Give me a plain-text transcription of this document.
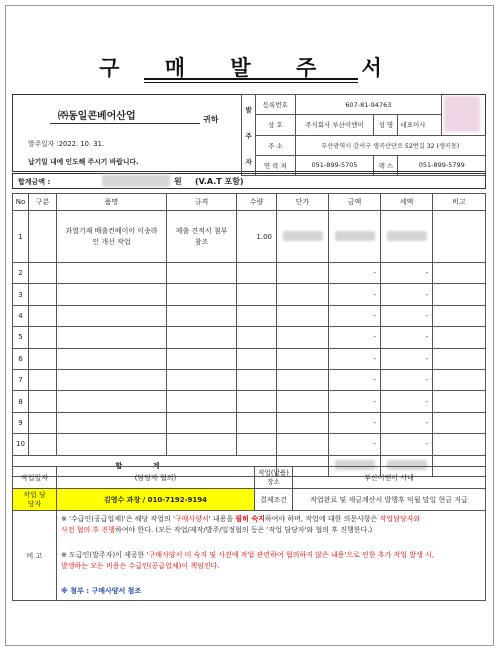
구 매 발 주 서
㈜동일콘베어산업	귀하
발주일자 :2022. 10. 31.
납기일 내에 인도해 주시기 바랍니다.
발
주
자	등록번호	607-81-94763			
	상 호	주식회사 부산이엔이	성 명	대표이사	
	주 소	부산광역시 강서구 생곡산단로 52번길 32 (생곡동)			
	연 락 처	051-899-5705	팩 스	051-899-5799	
합계금액 :	원 (V.A.T 포함)
No	구분	품명	규격	수량	단가	금액	세액	비고
1		과열기재 배출컨베이어 이송라인 개선 작업	제출 견적서 첨부참조	1.00				
2						-	-	
3						-	-	
4						-	-	
5						-	-	
6						-	-	
7						-	-	
8						-	-	
9						-	-	
10						-	-	
합 계								
작업일자	(담당자 협의)	작업(납품) 장소	부산이엔이 사내
작업 담당자	김영수 과장 / 010-7192-9194	결제조건	작업완료 및 세금계산서 발행후 익월 말일 현금 지급
비 고	※ '수급인(공급업체)'은 해당 작업의 '구매사양서' 내용을 필히 숙지하여야 하며, 작업에 대한 의문사항은 작업담당자와
사전 협의 후 진행하여야 한다. (모든 작업/제작/발주/일정협의 등은 '작업 담당자'와 협의 후 진행한다.)
※ 도급인(발주자)이 제공한 '구매사양서 미 숙지 및 사전에 작업 관련하여 협의하지 않은 내용'으로 인한 추가 작업 발생 시,
발생하는 모든 비용은 수급인(공급업체)이 책임진다.
※ 첨부 : 구매사양서 첨조		
